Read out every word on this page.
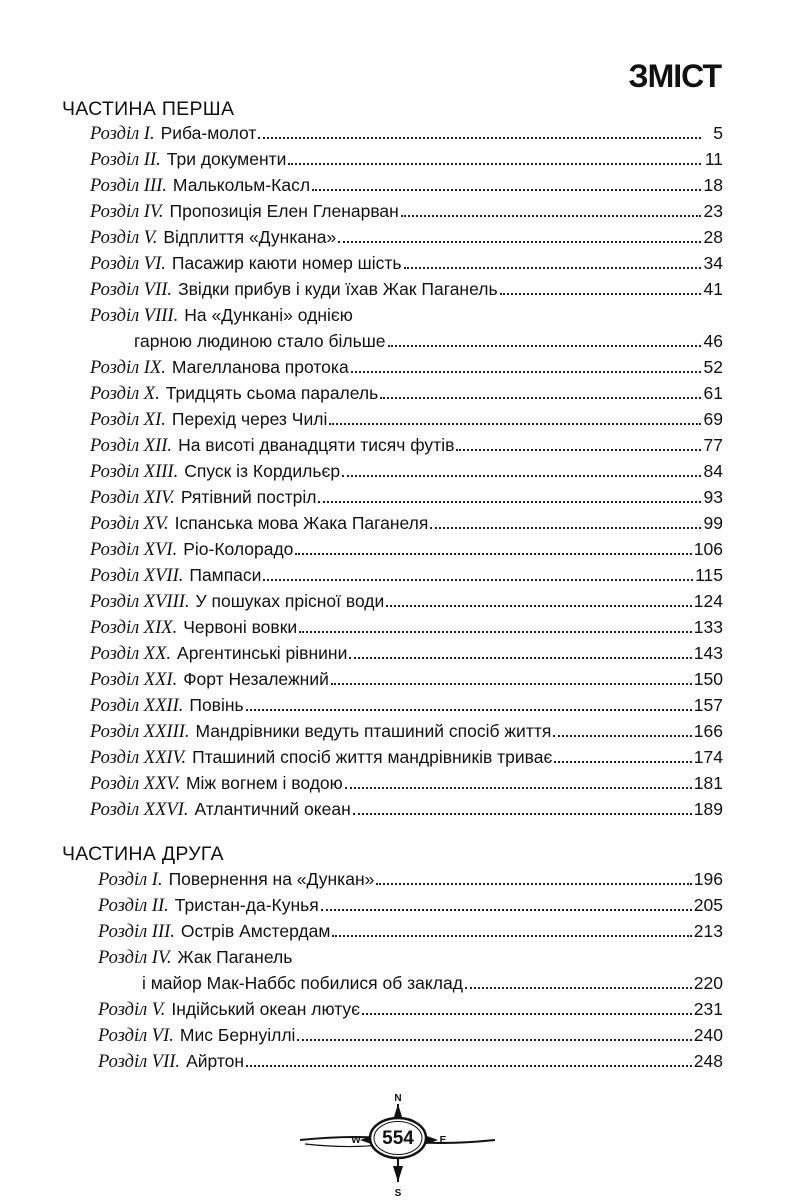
ЗМІСТ
ЧАСТИНА ПЕРША
ЧАСТИНА ДРУГА
Розділ I. Риба-молот	5
Розділ II. Три документи	11
Розділ III. Малькольм-Касл	18
Розділ IV. Пропозиція Елен Гленарван	23
Розділ V. Відплиття «Дункана»	28
Розділ VI. Пасажир каюти номер шість	34
Розділ VII. Звідки прибув і куди їхав Жак Паганель	41
Розділ VIII. На «Дункані» однією
гарною людиною стало більше	46
Розділ IX. Магелланова протока	52
Розділ X. Тридцять сьома паралель	61
Розділ XI. Перехід через Чилі	69
Розділ XII. На висоті дванадцяти тисяч футів	77
Розділ XIII. Спуск із Кордильєр	84
Розділ XIV. Рятівний постріл	93
Розділ XV. Іспанська мова Жака Паганеля	99
Розділ XVI. Ріо-Колорадо	106
Розділ XVII. Пампаси	115
Розділ XVIII. У пошуках прісної води	124
Розділ XIX. Червоні вовки	133
Розділ XX. Аргентинські рівнини	143
Розділ XXI. Форт Незалежний	150
Розділ XXII. Повінь	157
Розділ XXIII. Мандрівники ведуть пташиний спосіб життя	166
Розділ XXIV. Пташиний спосіб життя мандрівників триває	174
Розділ XXV. Між вогнем і водою	181
Розділ XXVI. Атлантичний океан	189
Розділ I. Повернення на «Дункан»	196
Розділ II. Тристан-да-Кунья	205
Розділ III. Острів Амстердам	213
Розділ IV. Жак Паганель
і майор Мак-Наббс побилися об заклад	220
Розділ V. Індійський океан лютує	231
Розділ VI. Мис Бернуіллі	240
Розділ VII. Айртон	248
N
S
W	E
554
